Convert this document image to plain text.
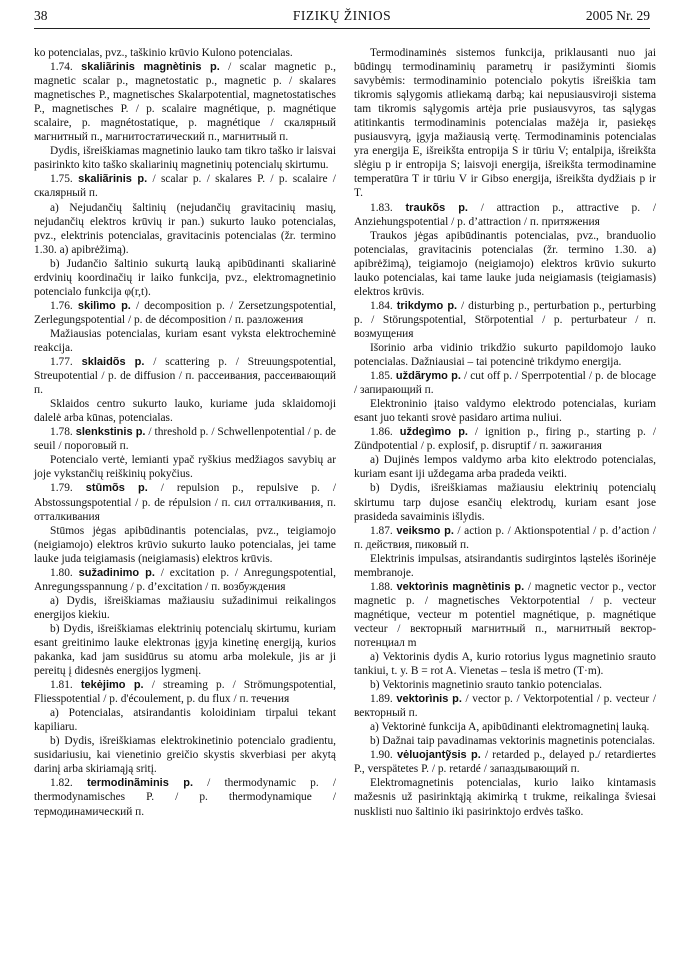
38	FIZIKŲ ŽINIOS	2005 Nr. 29

ko potencialas, pvz., taškinio krūvio Kulono potencialas.

1.74. skaliãrinis magnètinis p. / scalar magnetic p., magnetic scalar p., magnetostatic p., magnetic p. / skalares magnetisches P., magnetisches Skalarpotential, magnetostatisches P., magnetisches P. / p. scalaire magnétique, p. magnétique scalaire, p. magnétostatique, p. magnétique / скалярный магнитный п., магнитостатический п., магнитный п.

Dydis, išreiškiamas magnetinio lauko tam tikro taško ir laisvai pasirinkto kito taško skaliarinių magnetinių potencialų skirtumu.

1.75. skaliãrinis p. / scalar p. / skalares P. / p. scalaire / скалярный п.

a) Nejudančių šaltinių (nejudančių gravitacinių masių, nejudančių elektros krūvių ir pan.) sukurto lauko potencialas, pvz., elektrinis potencialas, gravitacinis potencialas (žr. termino 1.30. a) apibrėžimą).

b) Judančio šaltinio sukurtą lauką apibūdinanti skaliarinė erdvinių koordinačių ir laiko funkcija, pvz., elektromagnetinio potencialo funkcija φ(r,t).

1.76. skilìmo p. / decomposition p. / Zersetzungspotential, Zerlegungspotential / p. de décomposition / п. разложения

Mažiausias potencialas, kuriam esant vyksta elektrocheminė reakcija.

1.77. sklaidõs p. / scattering p. / Streuungspotential, Streupotential / p. de diffusion / п. рассеивания, рассеивающий п.

Sklaidos centro sukurto lauko, kuriame juda sklaidomoji dalelė arba kūnas, potencialas.

1.78. slenkstinis p. / threshold p. / Schwellenpotential / p. de seuil / пороговый п.

Potencialo vertė, lemianti ypač ryškius medžiagos savybių ar joje vykstančių reiškinių pokyčius.

1.79. stūmõs p. / repulsion p., repulsive p. / Abstossungspotential / p. de répulsion / п. сил отталкивания, п. отталкивания

Stūmos jėgas apibūdinantis potencialas, pvz., teigiamojo (neigiamojo) elektros krūvio sukurto lauko potencialas, jei tame lauke juda teigiamasis (neigiamasis) elektros krūvis.

1.80. sužadinimo p. / excitation p. / Anregungspotential, Anregungsspannung / p. d’excitation / п. возбуждения

a) Dydis, išreiškiamas mažiausiu sužadinimui reikalingos energijos kiekiu.

b) Dydis, išreiškiamas elektrinių potencialų skirtumu, kuriam esant greitinimo lauke elektronas įgyja kinetinę energiją, kurios pakanka, kad jam susidūrus su atomu arba molekule, jis ar ji pereitų į didesnės energijos lygmenį.

1.81. tekėjimo p. / streaming p. / Strömungspotential, Fliesspotential / p. d'écoulement, p. du flux / п. течения

a) Potencialas, atsirandantis koloidiniam tirpalui tekant kapiliaru.

b) Dydis, išreiškiamas elektrokinetinio potencialo gradientu, susidariusiu, kai vienetinio greičio skystis skverbiasi per akytą darinį arba skiriamąją sritį.

1.82. termodinãminis p. / thermodynamic p. / thermodynamisches P. / p. thermodynamique / термодинамический п.

Termodinaminės sistemos funkcija, priklausanti nuo jai būdingų termodinaminių parametrų ir pasižyminti šiomis savybėmis: termodinaminio potencialo pokytis išreiškia tam tikromis sąlygomis atliekamą darbą; kai nepusiausviroji sistema tam tikromis sąlygomis artėja prie pusiausvyros, tas sąlygas atitinkantis termodinaminis potencialas mažėja ir, pasiekęs pusiausvyrą, įgyja mažiausią vertę. Termodinaminis potencialas yra energija E, išreikšta entropija S ir tūriu V; entalpija, išreikšta slėgiu p ir entropija S; laisvoji energija, išreikšta termodinamine temperatūra T ir tūriu V ir Gibso energija, išreikšta dydžiais p ir T.

1.83. traukõs p. / attraction p., attractive p. / Anziehungspotential / p. d’attraction / п. притяжения

Traukos jėgas apibūdinantis potencialas, pvz., branduolio potencialas, gravitacinis potencialas (žr. termino 1.30. a) apibrėžimą), teigiamojo (neigiamojo) elektros krūvio sukurto lauko potencialas, kai tame lauke juda neigiamasis (teigiamasis) elektros krūvis.

1.84. trikdymo p. / disturbing p., perturbation p., perturbing p. / Störungspotential, Störpotential / p. perturbateur / п. возмущения

Išorinio arba vidinio trikdžio sukurto papildomojo lauko potencialas. Dažniausiai – tai potencinė trikdymo energija.

1.85. uždãrymo p. / cut off p. / Sperrpotential / p. de blocage / запирающий п.

Elektroninio įtaiso valdymo elektrodo potencialas, kuriam esant juo tekanti srovė pasidaro artima nuliui.

1.86. uždegìmo p. / ignition p., firing p., starting p. / Zündpotential / p. explosif, p. disruptif / п. зажигания

a) Dujinės lempos valdymo arba kito elektrodo potencialas, kuriam esant iji uždegama arba pradeda veikti.

b) Dydis, išreiškiamas mažiausiu elektrinių potencialų skirtumu tarp dujose esančių elektrodų, kuriam esant jose prasideda savaiminis išlydis.

1.87. veiksmo p. / action p. / Aktionspotential / p. d’action / п. действия, пиковый п.

Elektrinis impulsas, atsirandantis sudirgintos ląstelės išorinėje membranoje.

1.88. vektorìnis magnètinis p. / magnetic vector p., vector magnetic p. / magnetisches Vektorpotential / p. vecteur magnétique, vecteur m potentiel magnétique, p. magnétique vecteur / векторный магнитный п., магнитный вектор-потенциал m

a) Vektorinis dydis A, kurio rotorius lygus magnetinio srauto tankiui, t. y. B = rot A. Vienetas – tesla iš metro (T·m).

b) Vektorinis magnetinio srauto tankio potencialas.

1.89. vektorìnis p. / vector p. / Vektorpotential / p. vecteur / векторный п.

a) Vektorinė funkcija A, apibūdinanti elektromagnetinį lauką.

b) Dažnai taip pavadinamas vektorinis magnetinis potencialas.

1.90. vėluojantỹsis p. / retarded p., delayed p./ retardiertes P., verspätetes P. / p. retardé / запаздывающий п.

Elektromagnetinis potencialas, kurio laiko kintamasis mažesnis už pasirinktąją akimirką t trukme, reikalinga šviesai nusklisti nuo šaltinio iki pasirinktojo erdvės taško.
